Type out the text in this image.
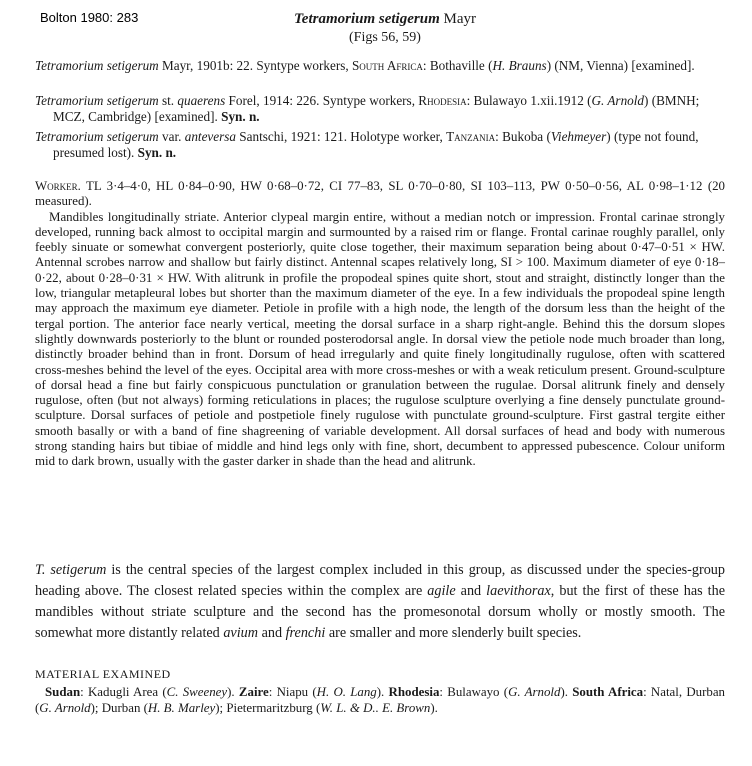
Bolton 1980: 283	Tetramorium setigerum Mayr
(Figs 56, 59)
Tetramorium setigerum Mayr, 1901b: 22. Syntype workers, South Africa: Bothaville (H. Brauns) (NM, Vienna) [examined].
Tetramorium setigerum st. quaerens Forel, 1914: 226. Syntype workers, Rhodesia: Bulawayo 1.xii.1912 (G. Arnold) (BMNH; MCZ, Cambridge) [examined]. Syn. n.
Tetramorium setigerum var. anteversa Santschi, 1921: 121. Holotype worker, Tanzania: Bukoba (Viehmeyer) (type not found, presumed lost). Syn. n.

Worker. TL 3·4–4·0, HL 0·84–0·90, HW 0·68–0·72, CI 77–83, SL 0·70–0·80, SI 103–113, PW 0·50–0·56, AL 0·98–1·12 (20 measured).

Mandibles longitudinally striate. Anterior clypeal margin entire, without a median notch or impression. Frontal carinae strongly developed, running back almost to occipital margin and surmounted by a raised rim or flange. Frontal carinae roughly parallel, only feebly sinuate or somewhat convergent posteriorly, quite close together, their maximum separation being about 0·47–0·51 × HW. Antennal scrobes narrow and shallow but fairly distinct. Antennal scapes relatively long, SI > 100. Maximum diameter of eye 0·18–0·22, about 0·28–0·31 × HW. With alitrunk in profile the propodeal spines quite short, stout and straight, distinctly longer than the low, triangular metapleural lobes but shorter than the maximum diameter of the eye. In a few individuals the propodeal spine length may approach the maximum eye diameter. Petiole in profile with a high node, the length of the dorsum less than the height of the tergal portion. The anterior face nearly vertical, meeting the dorsal surface in a sharp right-angle. Behind this the dorsum slopes slightly downwards posteriorly to the blunt or rounded posterodorsal angle. In dorsal view the petiole node much broader than long, distinctly broader behind than in front. Dorsum of head irregularly and quite finely longitudinally rugulose, often with scattered cross-meshes behind the level of the eyes. Occipital area with more cross-meshes or with a weak reticulum present. Ground-sculpture of dorsal head a fine but fairly conspicuous punctulation or granulation between the rugulae. Dorsal alitrunk finely and densely rugulose, often (but not always) forming reticulations in places; the rugulose sculpture overlying a fine densely punctulate ground-sculpture. Dorsal surfaces of petiole and postpetiole finely rugulose with punctulate ground-sculpture. First gastral tergite either smooth basally or with a band of fine shagreening of variable development. All dorsal surfaces of head and body with numerous strong standing hairs but tibiae of middle and hind legs only with fine, short, decumbent to appressed pubescence. Colour uniform mid to dark brown, usually with the gaster darker in shade than the head and alitrunk.

T. setigerum is the central species of the largest complex included in this group, as discussed under the species-group heading above. The closest related species within the complex are agile and laevithorax, but the first of these has the mandibles without striate sculpture and the second has the promesonotal dorsum wholly or mostly smooth. The somewhat more distantly related avium and frenchi are smaller and more slenderly built species.

MATERIAL EXAMINED

Sudan: Kadugli Area (C. Sweeney). Zaire: Niapu (H. O. Lang). Rhodesia: Bulawayo (G. Arnold). South Africa: Natal, Durban (G. Arnold); Durban (H. B. Marley); Pietermaritzburg (W. L. & D.. E. Brown).
